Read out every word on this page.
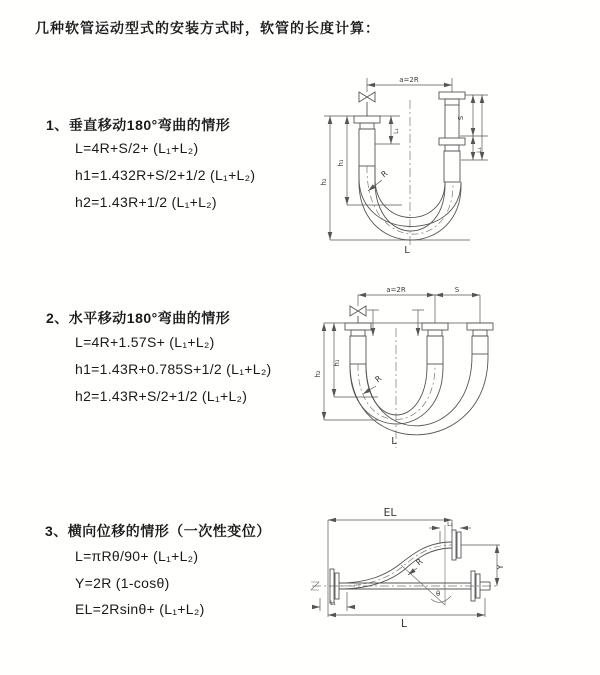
几种软管运动型式的安装方式时，软管的长度计算：
1、垂直移动180°弯曲的情形
L=4R+S/2+ (L₁+L₂)
h1=1.432R+S/2+1/2 (L₁+L₂)
h2=1.43R+1/2 (L₁+L₂)
2、水平移动180°弯曲的情形
L=4R+1.57S+ (L₁+L₂)
h1=1.43R+0.785S+1/2 (L₁+L₂)
h2=1.43R+S/2+1/2 (L₁+L₂)
3、横向位移的情形（一次性变位）
L=πRθ/90+ (L₁+L₂)
Y=2R (1-cosθ)
EL=2Rsinθ+ (L₁+L₂)
a=2R
S
L₁
h₁
h₂
L
L₁
R
a=2R	S
h₂
h₁
R
L
θ
EL
L₂
Y
R
L
L₁
